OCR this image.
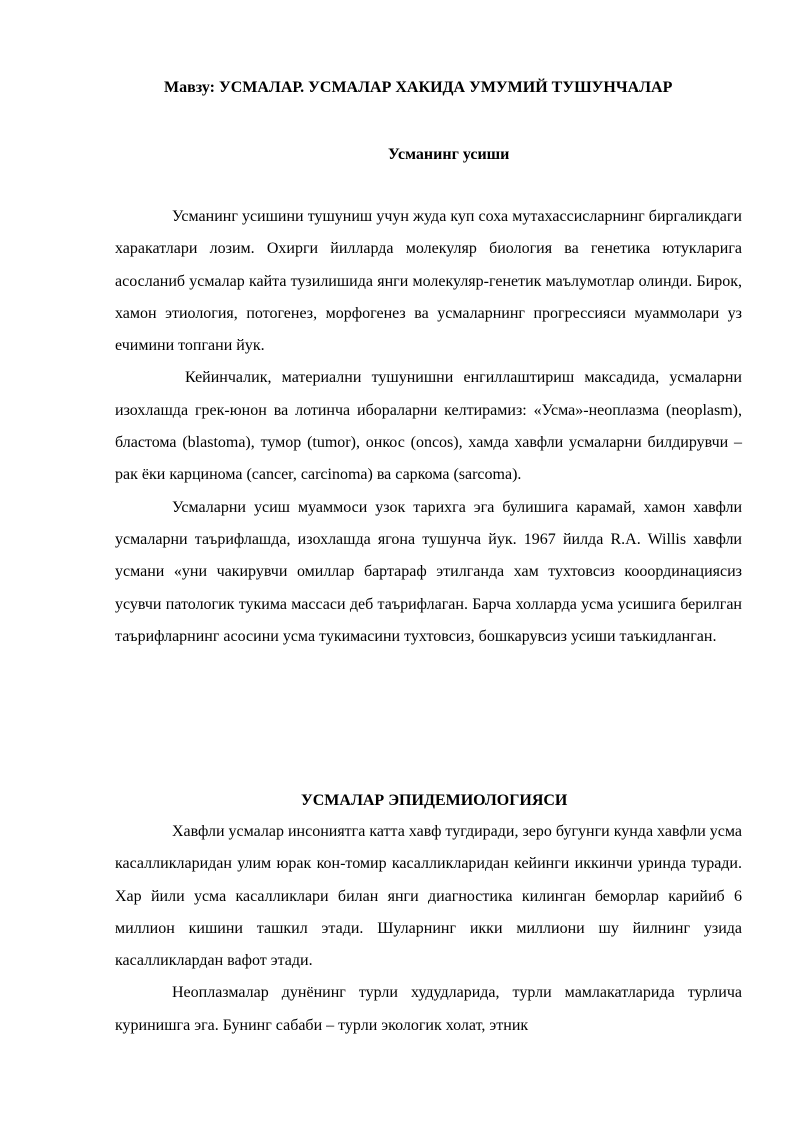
Мавзу: УСМАЛАР. УСМАЛАР ХАКИДА УМУМИЙ ТУШУНЧАЛАР
Усманинг усиши

Усманинг усишини тушуниш учун жуда куп соха мутахассисларнинг биргаликдаги харакатлари лозим. Охирги йилларда молекуляр биология ва генетика ютукларига асосланиб усмалар кайта тузилишида янги молекуляр-генетик маълумотлар олинди. Бирок, хамон этиология, потогенез, морфогенез ва усмаларнинг прогрессияси муаммолари уз ечимини топгани йук.

Кейинчалик, материални тушунишни енгиллаштириш максадида, усмаларни изохлашда грек-юнон ва лотинча ибораларни келтирамиз: «Усма»-неоплазма (neoplasm), бластома (blastoma), тумор (tumor), онкос (oncos), хамда хавфли усмаларни билдирувчи – рак ёки карцинома (cancer, carcinoma) ва саркома (sarcoma).

Усмаларни усиш муаммоси узок тарихга эга булишига карамай, хамон хавфли усмаларни таърифлашда, изохлашда ягона тушунча йук. 1967 йилда R.A. Willis хавфли усмани «уни чакирувчи омиллар бартараф этилганда хам тухтовсиз кооординациясиз усувчи патологик тукима массаси деб таърифлаган. Барча холларда усма усишига берилган таърифларнинг асосини усма тукимасини тухтовсиз, бошкарувсиз усиши таъкидланган.

УСМАЛАР ЭПИДЕМИОЛОГИЯСИ

Хавфли усмалар инсониятга катта хавф тугдиради, зеро бугунги кунда хавфли усма касалликларидан улим юрак кон-томир касалликларидан кейинги иккинчи уринда туради. Хар йили усма касалликлари билан янги диагностика килинган беморлар карийиб 6 миллион кишини ташкил этади. Шуларнинг икки миллиони шу йилнинг узида касалликлардан вафот этади.

Неоплазмалар дунёнинг турли худудларида, турли мамлакатларида турлича куринишга эга. Бунинг сабаби – турли экологик холат, этник
